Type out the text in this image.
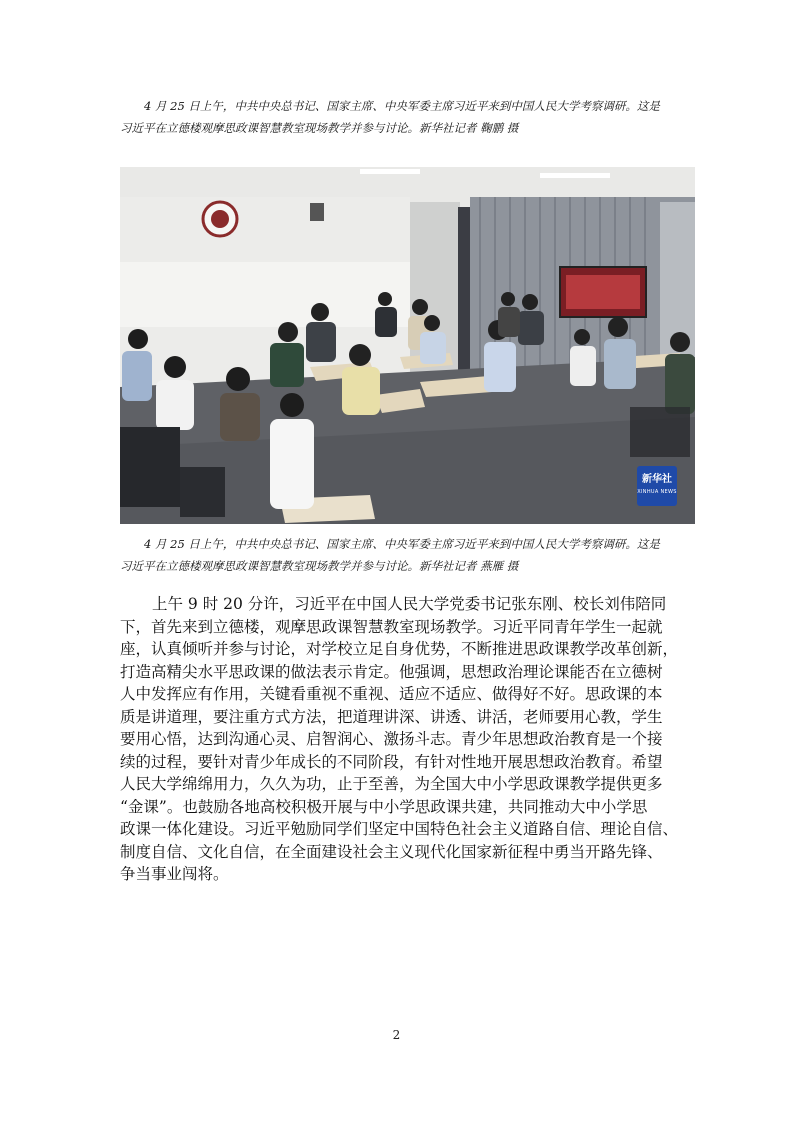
4 月 25 日上午，中共中央总书记、国家主席、中央军委主席习近平来到中国人民大学考察调研。这是
习近平在立德楼观摩思政课智慧教室现场教学并参与讨论。新华社记者 鞠鹏 摄
新华社
XINHUA NEWS
4 月 25 日上午，中共中央总书记、国家主席、中央军委主席习近平来到中国人民大学考察调研。这是
习近平在立德楼观摩思政课智慧教室现场教学并参与讨论。新华社记者 燕雁 摄
上午 9 时 20 分许，习近平在中国人民大学党委书记张东刚、校长刘伟陪同
下，首先来到立德楼，观摩思政课智慧教室现场教学。习近平同青年学生一起就
座，认真倾听并参与讨论，对学校立足自身优势，不断推进思政课教学改革创新，
打造高精尖水平思政课的做法表示肯定。他强调，思想政治理论课能否在立德树
人中发挥应有作用，关键看重视不重视、适应不适应、做得好不好。思政课的本
质是讲道理，要注重方式方法，把道理讲深、讲透、讲活，老师要用心教，学生
要用心悟，达到沟通心灵、启智润心、激扬斗志。青少年思想政治教育是一个接
续的过程，要针对青少年成长的不同阶段，有针对性地开展思想政治教育。希望
人民大学绵绵用力，久久为功，止于至善，为全国大中小学思政课教学提供更多
“金课”。也鼓励各地高校积极开展与中小学思政课共建，共同推动大中小学思
政课一体化建设。习近平勉励同学们坚定中国特色社会主义道路自信、理论自信、
制度自信、文化自信，在全面建设社会主义现代化国家新征程中勇当开路先锋、
争当事业闯将。
2
